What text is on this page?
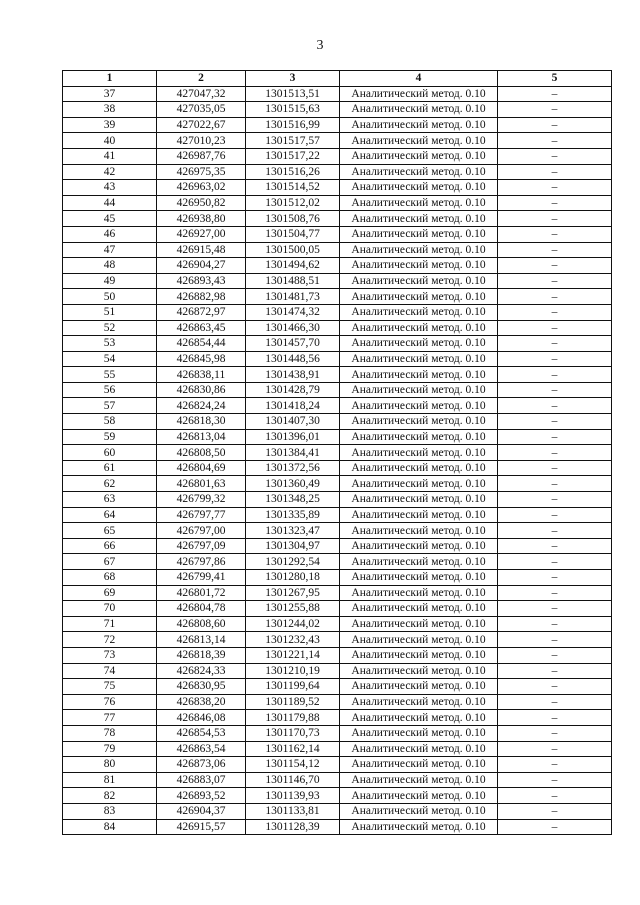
3
1	2	3	4	5
37	427047,32	1301513,51	Аналитический метод. 0.10	–
38	427035,05	1301515,63	Аналитический метод. 0.10	–
39	427022,67	1301516,99	Аналитический метод. 0.10	–
40	427010,23	1301517,57	Аналитический метод. 0.10	–
41	426987,76	1301517,22	Аналитический метод. 0.10	–
42	426975,35	1301516,26	Аналитический метод. 0.10	–
43	426963,02	1301514,52	Аналитический метод. 0.10	–
44	426950,82	1301512,02	Аналитический метод. 0.10	–
45	426938,80	1301508,76	Аналитический метод. 0.10	–
46	426927,00	1301504,77	Аналитический метод. 0.10	–
47	426915,48	1301500,05	Аналитический метод. 0.10	–
48	426904,27	1301494,62	Аналитический метод. 0.10	–
49	426893,43	1301488,51	Аналитический метод. 0.10	–
50	426882,98	1301481,73	Аналитический метод. 0.10	–
51	426872,97	1301474,32	Аналитический метод. 0.10	–
52	426863,45	1301466,30	Аналитический метод. 0.10	–
53	426854,44	1301457,70	Аналитический метод. 0.10	–
54	426845,98	1301448,56	Аналитический метод. 0.10	–
55	426838,11	1301438,91	Аналитический метод. 0.10	–
56	426830,86	1301428,79	Аналитический метод. 0.10	–
57	426824,24	1301418,24	Аналитический метод. 0.10	–
58	426818,30	1301407,30	Аналитический метод. 0.10	–
59	426813,04	1301396,01	Аналитический метод. 0.10	–
60	426808,50	1301384,41	Аналитический метод. 0.10	–
61	426804,69	1301372,56	Аналитический метод. 0.10	–
62	426801,63	1301360,49	Аналитический метод. 0.10	–
63	426799,32	1301348,25	Аналитический метод. 0.10	–
64	426797,77	1301335,89	Аналитический метод. 0.10	–
65	426797,00	1301323,47	Аналитический метод. 0.10	–
66	426797,09	1301304,97	Аналитический метод. 0.10	–
67	426797,86	1301292,54	Аналитический метод. 0.10	–
68	426799,41	1301280,18	Аналитический метод. 0.10	–
69	426801,72	1301267,95	Аналитический метод. 0.10	–
70	426804,78	1301255,88	Аналитический метод. 0.10	–
71	426808,60	1301244,02	Аналитический метод. 0.10	–
72	426813,14	1301232,43	Аналитический метод. 0.10	–
73	426818,39	1301221,14	Аналитический метод. 0.10	–
74	426824,33	1301210,19	Аналитический метод. 0.10	–
75	426830,95	1301199,64	Аналитический метод. 0.10	–
76	426838,20	1301189,52	Аналитический метод. 0.10	–
77	426846,08	1301179,88	Аналитический метод. 0.10	–
78	426854,53	1301170,73	Аналитический метод. 0.10	–
79	426863,54	1301162,14	Аналитический метод. 0.10	–
80	426873,06	1301154,12	Аналитический метод. 0.10	–
81	426883,07	1301146,70	Аналитический метод. 0.10	–
82	426893,52	1301139,93	Аналитический метод. 0.10	–
83	426904,37	1301133,81	Аналитический метод. 0.10	–
84	426915,57	1301128,39	Аналитический метод. 0.10	–
